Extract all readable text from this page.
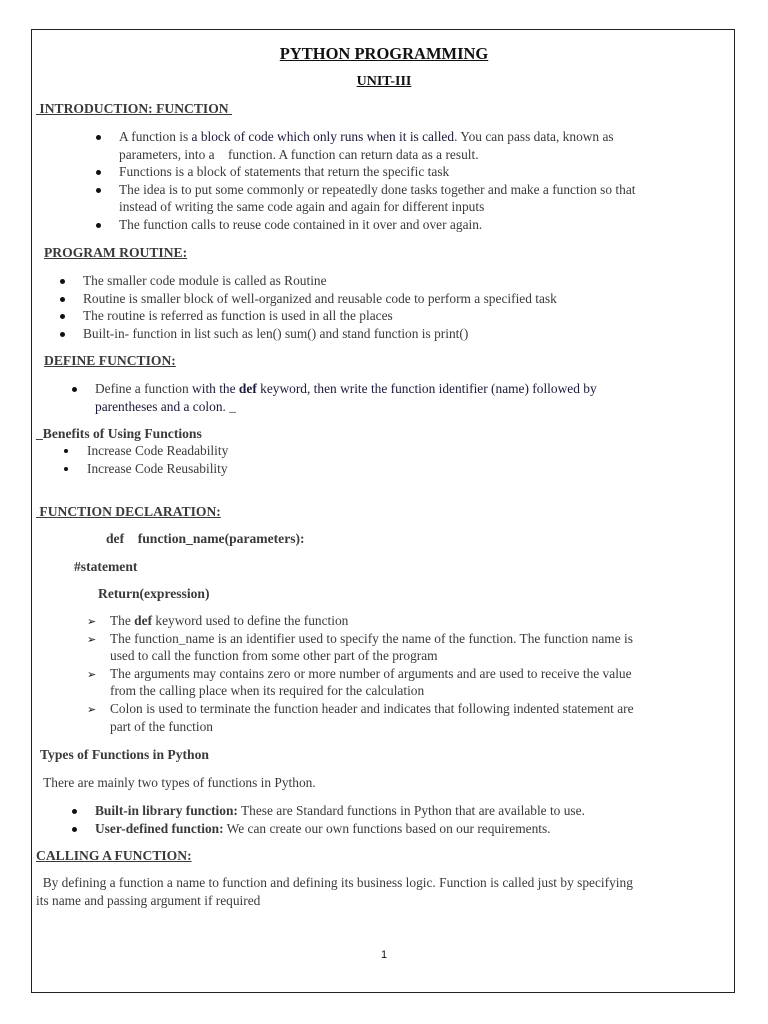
PYTHON PROGRAMMING
UNIT-III
INTRODUCTION: FUNCTION
A function is a block of code which only runs when it is called. You can pass data, known as
parameters, into a    function. A function can return data as a result.
Functions is a block of statements that return the specific task
The idea is to put some commonly or repeatedly done tasks together and make a function so that
instead of writing the same code again and again for different inputs
The function calls to reuse code contained in it over and over again.
PROGRAM ROUTINE:
The smaller code module is called as Routine
Routine is smaller block of well-organized and reusable code to perform a specified task
The routine is referred as function is used in all the places
Built-in- function in list such as len() sum() and stand function is print()
DEFINE FUNCTION:
Define a function with the def keyword, then write the function identifier (name) followed by
parentheses and a colon. _
_Benefits of Using Functions
Increase Code Readability
Increase Code Reusability
FUNCTION DECLARATION:
def    function_name(parameters):
#statement
Return(expression)
➢ The def keyword used to define the function
➢ The function_name is an identifier used to specify the name of the function. The function name is
used to call the function from some other part of the program
➢ The arguments may contains zero or more number of arguments and are used to receive the value
from the calling place when its required for the calculation
➢ Colon is used to terminate the function header and indicates that following indented statement are
part of the function
Types of Functions in Python
There are mainly two types of functions in Python.
Built-in library function: These are Standard functions in Python that are available to use.
User-defined function: We can create our own functions based on our requirements.
CALLING A FUNCTION:
By defining a function a name to function and defining its business logic. Function is called just by specifying
its name and passing argument if required
1
